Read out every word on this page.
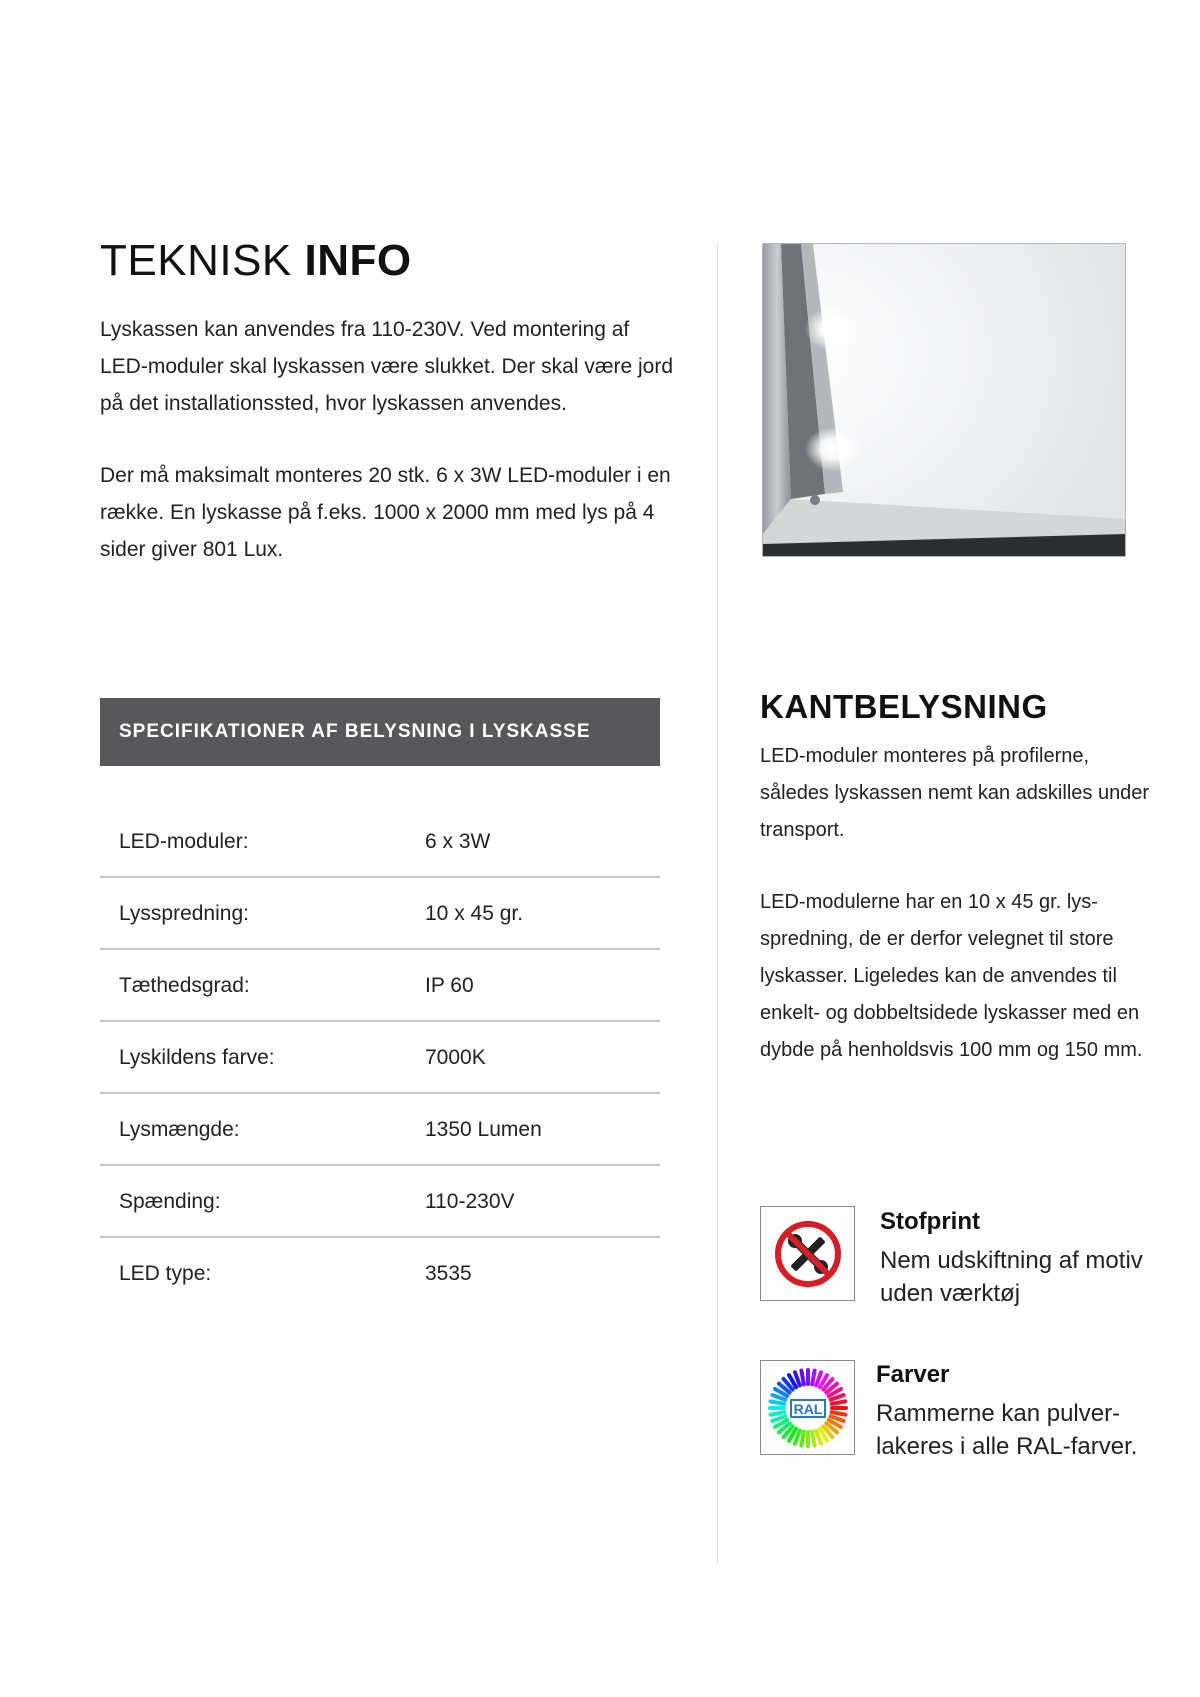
TEKNISK INFO

Lyskassen kan anvendes fra 110-230V. Ved montering af LED-moduler skal lyskassen være slukket. Der skal være jord på det installationssted, hvor lyskassen anvendes.

Der må maksimalt monteres 20 stk. 6 x 3W LED-moduler i en række. En lyskasse på f.eks. 1000 x 2000 mm med lys på 4 sider giver 801 Lux.

SPECIFIKATIONER AF BELYSNING I LYSKASSE
LED-moduler:	6 x 3W
Lysspredning:	10 x 45 gr.
Tæthedsgrad:	IP 60
Lyskildens farve:	7000K
Lysmængde:	1350 Lumen
Spænding:	110-230V
LED type:	3535
KANTBELYSNING

LED-moduler monteres på profilerne, således lyskassen nemt kan adskilles under transport.

LED-modulerne har en 10 x 45 gr. lys-spredning, de er derfor velegnet til store lyskasser. Ligeledes kan de anvendes til enkelt- og dobbeltsidede lyskasser med en dybde på henholdsvis 100 mm og 150 mm.

Stofprint
Nem udskiftning af motiv uden værktøj
RAL
Farver
Rammerne kan pulver-lakeres i alle RAL-farver.
